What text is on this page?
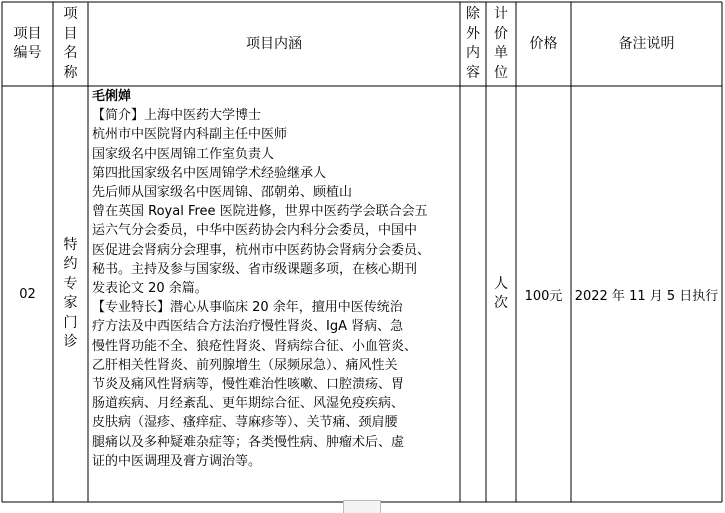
项目
编号
项
目
名
称
项目内涵
除
外
内
容
计
价
单
位
价格	备注说明
02
特
约
专
家
门
诊

毛俐婵

【简介】上海中医药大学博士

杭州市中医院肾内科副主任中医师

国家级名中医周锦工作室负责人

第四批国家级名中医周锦学术经验继承人

先后师从国家级名中医周锦、邵朝弟、顾植山

曾在英国 Royal Free 医院进修，世界中医药学会联合会五

运六气分会委员，中华中医药协会内科分会委员，中国中

医促进会肾病分会理事，杭州市中医药协会肾病分会委员、

秘书。主持及参与国家级、省市级课题多项，在核心期刊

发表论文 20 余篇。

【专业特长】潜心从事临床 20 余年，擅用中医传统治

疗方法及中西医结合方法治疗慢性肾炎、IgA 肾病、急

慢性肾功能不全、狼疮性肾炎、肾病综合征、小血管炎、

乙肝相关性肾炎、前列腺增生（尿频尿急）、痛风性关

节炎及痛风性肾病等，慢性难治性咳嗽、口腔溃疡、胃

肠道疾病、月经紊乱、更年期综合征、风湿免疫疾病、

皮肤病（湿疹、瘙痒症、荨麻疹等）、关节痛、颈肩腰

腿痛以及多种疑难杂症等；各类慢性病、肿瘤术后、虚

证的中医调理及膏方调治等。

人
次 100元 2022 年 11 月 5 日执行
